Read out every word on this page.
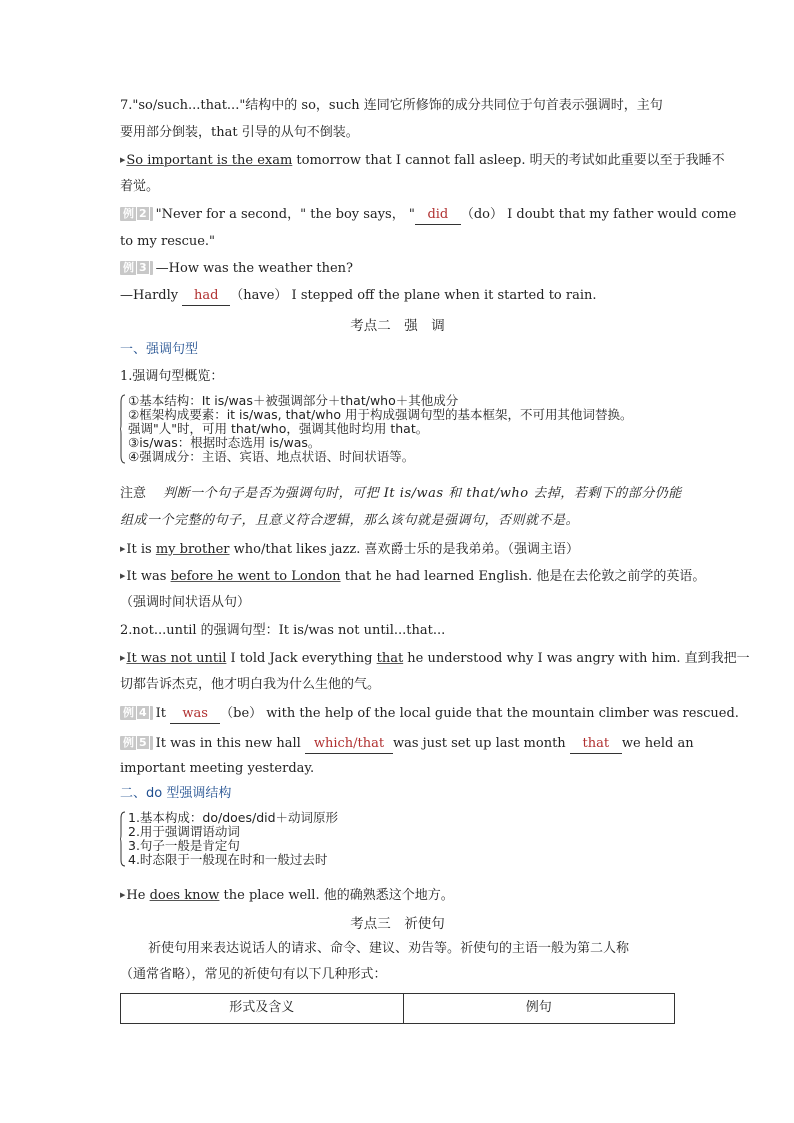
7."so/such...that..."结构中的 so，such 连同它所修饰的成分共同位于句首表示强调时，主句
要用部分倒装，that 引导的从句不倒装。
▶So important is the exam tomorrow that I cannot fall asleep. 明天的考试如此重要以至于我睡不
着觉。
例 2 "Never for a second，" the boy says， " did （do） I doubt that my father would come
to my rescue."
例 3 —How was the weather then?
—Hardly had （have） I stepped off the plane when it started to rain.
考点二　强　调
一、强调句型
1.强调句型概览：
①基本结构：It is/was＋被强调部分＋that/who＋其他成分
②框架构成要素：it is/was, that/who 用于构成强调句型的基本框架，不可用其他词替换。
强调"人"时，可用 that/who，强调其他时均用 that。
③is/was：根据时态选用 is/was。
④强调成分：主语、宾语、地点状语、时间状语等。
注意　 判断一个句子是否为强调句时，可把 It is/was 和 that/who 去掉，若剩下的部分仍能
组成一个完整的句子，且意义符合逻辑，那么该句就是强调句，否则就不是。
▶It is my brother who/that likes jazz. 喜欢爵士乐的是我弟弟。（强调主语）
▶It was before he went to London that he had learned English. 他是在去伦敦之前学的英语。
（强调时间状语从句）
2.not...until 的强调句型：It is/was not until...that...
▶It was not until I told Jack everything that he understood why I was angry with him. 直到我把一
切都告诉杰克，他才明白我为什么生他的气。
例 4 It was （be） with the help of the local guide that the mountain climber was rescued.
例 5 It was in this new hall which/that was just set up last month that we held an
important meeting yesterday.
二、do 型强调结构
1.基本构成：do/does/did＋动词原形
2.用于强调谓语动词
3.句子一般是肯定句
4.时态限于一般现在时和一般过去时
▶He does know the place well. 他的确熟悉这个地方。
考点三　祈使句
祈使句用来表达说话人的请求、命令、建议、劝告等。祈使句的主语一般为第二人称
（通常省略），常见的祈使句有以下几种形式：
形式及含义	例句
